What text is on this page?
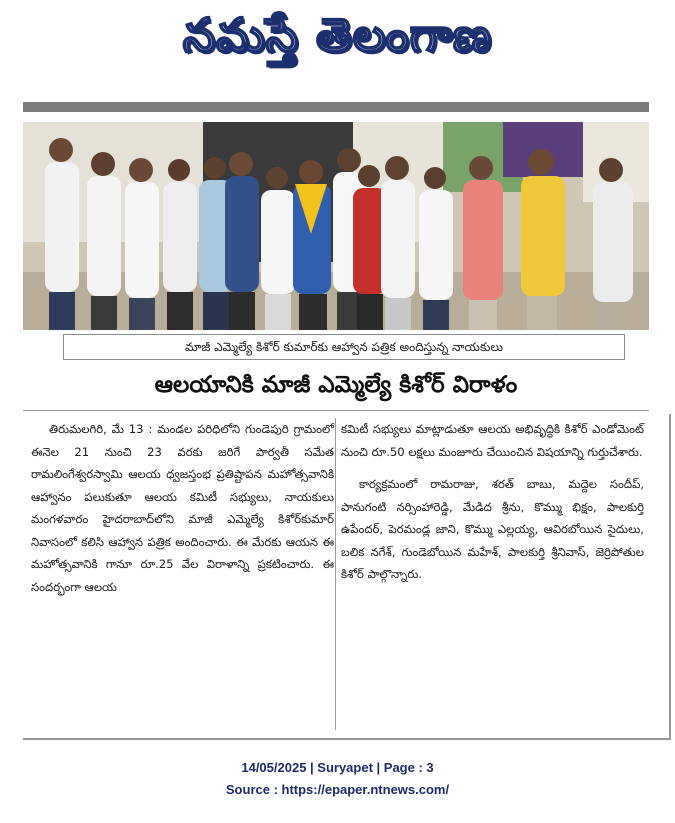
నమస్తే తెలంగాణ
మాజీ ఎమ్మెల్యే కిశోర్ కుమార్‌కు ఆహ్వాన పత్రిక అందిస్తున్న నాయకులు
ఆలయానికి మాజీ ఎమ్మెల్యే కిశోర్ విరాళం

తిరుమలగిరి, మే 13 : మండల పరిధిలోని గుండెపురి గ్రామంలో ఈనెల 21 నుంచి 23 వరకు జరిగే పార్వతీ సమేత రామలింగేశ్వరస్వామి ఆలయ ధ్వజస్తంభ ప్రతిష్టాపన మహోత్సవానికి ఆహ్వానం పలుకుతూ ఆలయ కమిటీ సభ్యులు, నాయకులు మంగళవారం హైదరాబాద్‌లోని మాజీ ఎమ్మెల్యే కిశోర్‌కుమార్ నివాసంలో కలిసి ఆహ్వాన పత్రిక అందించారు. ఈ మేరకు ఆయన ఈ మహోత్సవానికి గానూ రూ.25 వేల విరాళాన్ని ప్రకటించారు. ఈ సందర్భంగా ఆలయ

కమిటీ సభ్యులు మాట్లాడుతూ ఆలయ అభివృద్ధికి కిశోర్ ఎండోమెంట్ నుంచి రూ.50 లక్షలు మంజూరు చేయించిన విషయాన్ని గుర్తుచేశారు.

కార్యక్రమంలో రామరాజు, శరత్ బాబు, మద్దెల సందీప్, పానుగంటి నర్సింహారెడ్డి, మేడిద శ్రీను, కొమ్ము భిక్షం, పాలకుర్తి ఉపేందర్, పెరమండ్ల జాని, కొమ్ము ఎల్లయ్య, ఆవిరబోయిన సైదులు, బలిక నగేశ్, గుండెబోయిన మహేశ్, పాలకుర్తి శ్రీనివాస్, జెర్రిపోతుల కిశోర్ పాల్గొన్నారు.

14/05/2025 | Suryapet | Page : 3
Source : https://epaper.ntnews.com/
